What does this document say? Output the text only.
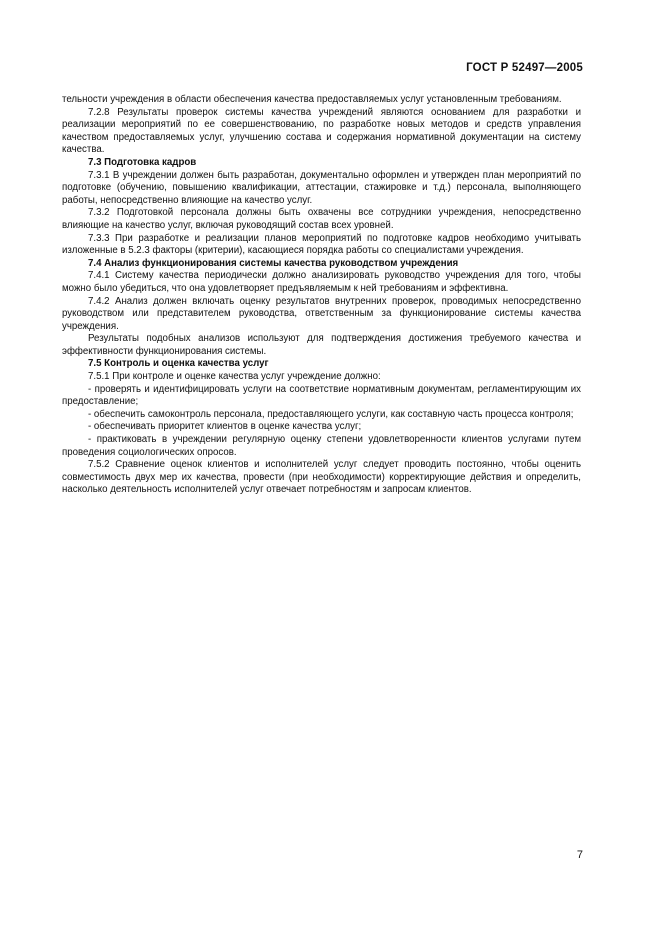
ГОСТ Р 52497—2005

тельности учреждения в области обеспечения качества предоставляемых услуг установленным требованиям.

7.2.8 Результаты проверок системы качества учреждений являются основанием для разработки и реализации мероприятий по ее совершенствованию, по разработке новых методов и средств управления качеством предоставляемых услуг, улучшению состава и содержания нормативной документации на систему качества.

7.3 Подготовка кадров

7.3.1 В учреждении должен быть разработан, документально оформлен и утвержден план мероприятий по подготовке (обучению, повышению квалификации, аттестации, стажировке и т.д.) персонала, выполняющего работы, непосредственно влияющие на качество услуг.

7.3.2 Подготовкой персонала должны быть охвачены все сотрудники учреждения, непосредственно влияющие на качество услуг, включая руководящий состав всех уровней.

7.3.3 При разработке и реализации планов мероприятий по подготовке кадров необходимо учитывать изложенные в 5.2.3 факторы (критерии), касающиеся порядка работы со специалистами учреждения.

7.4 Анализ функционирования системы качества руководством учреждения

7.4.1 Систему качества периодически должно анализировать руководство учреждения для того, чтобы можно было убедиться, что она удовлетворяет предъявляемым к ней требованиям и эффективна.

7.4.2 Анализ должен включать оценку результатов внутренних проверок, проводимых непосредственно руководством или представителем руководства, ответственным за функционирование системы качества учреждения.

Результаты подобных анализов используют для подтверждения достижения требуемого качества и эффективности функционирования системы.

7.5 Контроль и оценка качества услуг

7.5.1 При контроле и оценке качества услуг учреждение должно:

- проверять и идентифицировать услуги на соответствие нормативным документам, регламентирующим их предоставление;

- обеспечить самоконтроль персонала, предоставляющего услуги, как составную часть процесса контроля;

- обеспечивать приоритет клиентов в оценке качества услуг;

- практиковать в учреждении регулярную оценку степени удовлетворенности клиентов услугами путем проведения социологических опросов.

7.5.2 Сравнение оценок клиентов и исполнителей услуг следует проводить постоянно, чтобы оценить совместимость двух мер их качества, провести (при необходимости) корректирующие действия и определить, насколько деятельность исполнителей услуг отвечает потребностям и запросам клиентов.

7
